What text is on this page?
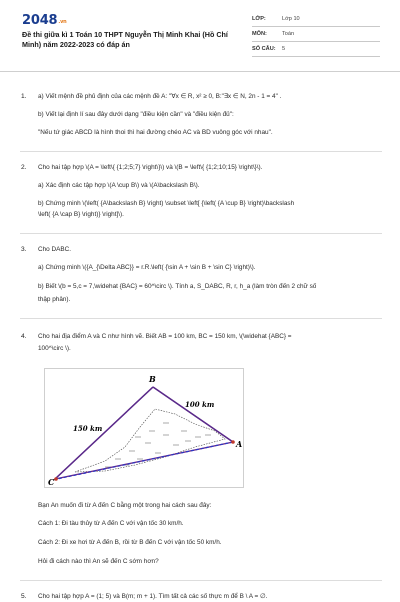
$2048^{.vn}$
Đề thi giữa kì 1 Toán 10 THPT Nguyễn Thị Minh Khai (Hồ Chí Minh) năm 2022-2023 có đáp án
LỚP:	Lớp 10
MÔN:	Toán
SỐ CÂU:	5
1. a) Viết mệnh đề phủ định của các mệnh đề A: "∀x ∈ R, x² ≥ 0, B:"∃x ∈ N, 2n - 1 = 4" .
b) Viết lại định lí sau đây dưới dạng "điều kiện cần" và "điều kiện đủ":
"Nếu tứ giác ABCD là hình thoi thì hai đường chéo AC và BD vuông góc với nhau".
2. Cho hai tập hợp \(A = \left\{ {1;2;5;7} \right\}\) và \(B = \left\{ {1;2;10;15} \right\}\).
a) Xác định các tập hợp \(A \cup B\) và \(A\backslash B\).
b) Chứng minh \(\left( {A\backslash B} \right) \subset \left[ {\left( {A \cup B} \right)\backslash
\left( {A \cap B} \right)} \right]\).
3. Cho DABC.
a) Chứng minh \({A_{\Delta ABC}} = r.R.\left( {\sin A + \sin B + \sin C} \right)\).
b) Biết \(b = 5,c = 7,\widehat {BAC} = 60^\circ \). Tính a, S_DABC, R, r, h_a (làm tròn đến 2 chữ số
thập phân).
4. Cho hai địa điểm A và C như hình vẽ. Biết AB = 100 km, BC = 150 km, \(\widehat {ABC} =
100^\circ \).
B
A
C
100 km
150 km
Bạn An muốn đi từ A đến C bằng một trong hai cách sau đây:
Cách 1: Đi tàu thủy từ A đến C với vận tốc 30 km/h.
Cách 2: Đi xe hơi từ A đến B, rồi từ B đến C với vận tốc 50 km/h.
Hỏi đi cách nào thì An sẽ đến C sớm hơn?
5. Cho hai tập hợp A = (1; 5) và B(m; m + 1). Tìm tất cả các số thực m để B \ A = ∅.
